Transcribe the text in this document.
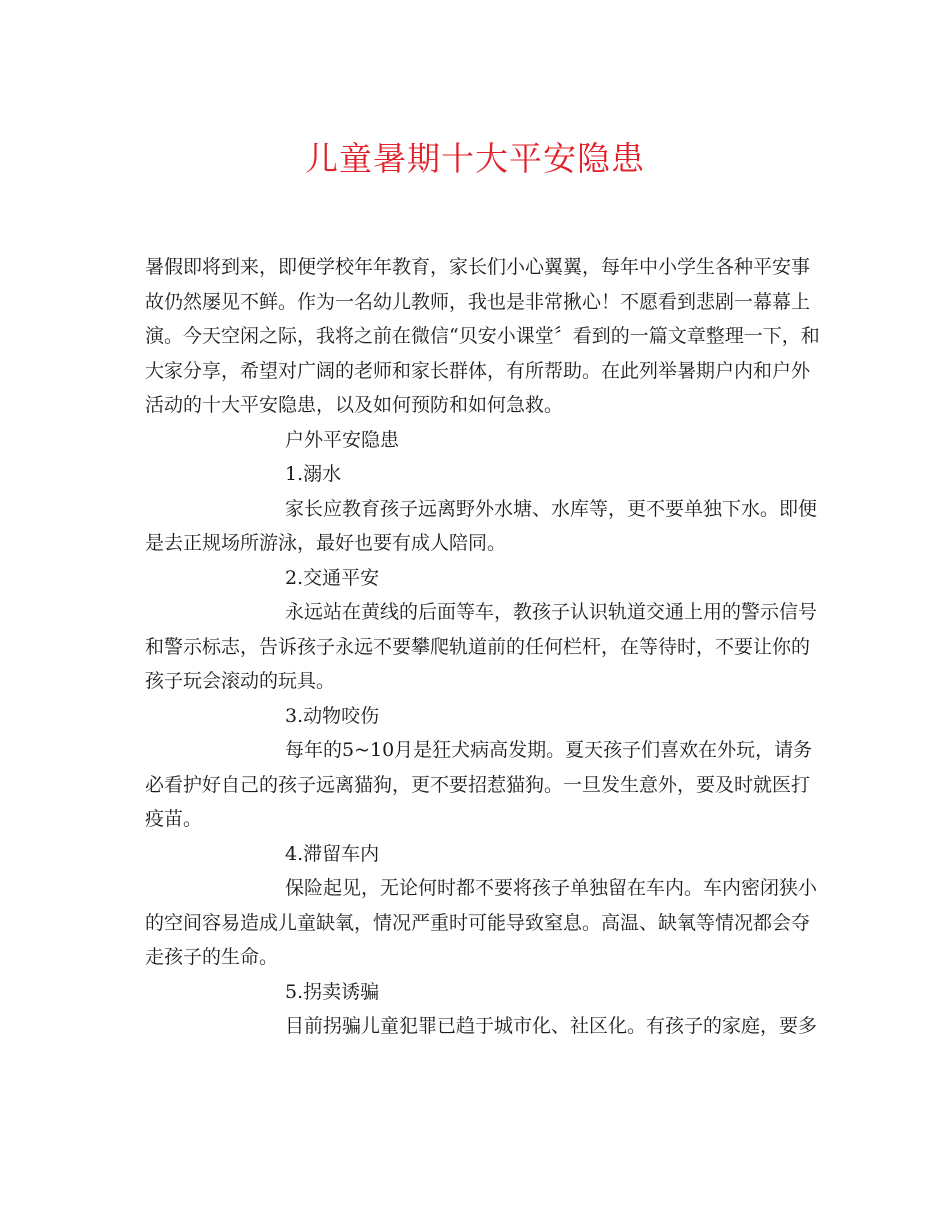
儿童暑期十大平安隐患
暑假即将到来，即便学校年年教育，家长们小心翼翼，每年中小学生各种平安事
故仍然屡见不鲜。作为一名幼儿教师，我也是非常揪心！不愿看到悲剧一幕幕上
演。今天空闲之际，我将之前在微信“贝安小课堂〞看到的一篇文章整理一下，和
大家分享，希望对广阔的老师和家长群体，有所帮助。在此列举暑期户内和户外
活动的十大平安隐患，以及如何预防和如何急救。
户外平安隐患
1.溺水
家长应教育孩子远离野外水塘、水库等，更不要单独下水。即便
是去正规场所游泳，最好也要有成人陪同。
2.交通平安
永远站在黄线的后面等车，教孩子认识轨道交通上用的警示信号
和警示标志，告诉孩子永远不要攀爬轨道前的任何栏杆，在等待时，不要让你的
孩子玩会滚动的玩具。
3.动物咬伤
每年的5~10月是狂犬病高发期。夏天孩子们喜欢在外玩，请务
必看护好自己的孩子远离猫狗，更不要招惹猫狗。一旦发生意外，要及时就医打
疫苗。
4.滞留车内
保险起见，无论何时都不要将孩子单独留在车内。车内密闭狭小
的空间容易造成儿童缺氧，情况严重时可能导致窒息。高温、缺氧等情况都会夺
走孩子的生命。
5.拐卖诱骗
目前拐骗儿童犯罪已趋于城市化、社区化。有孩子的家庭，要多
